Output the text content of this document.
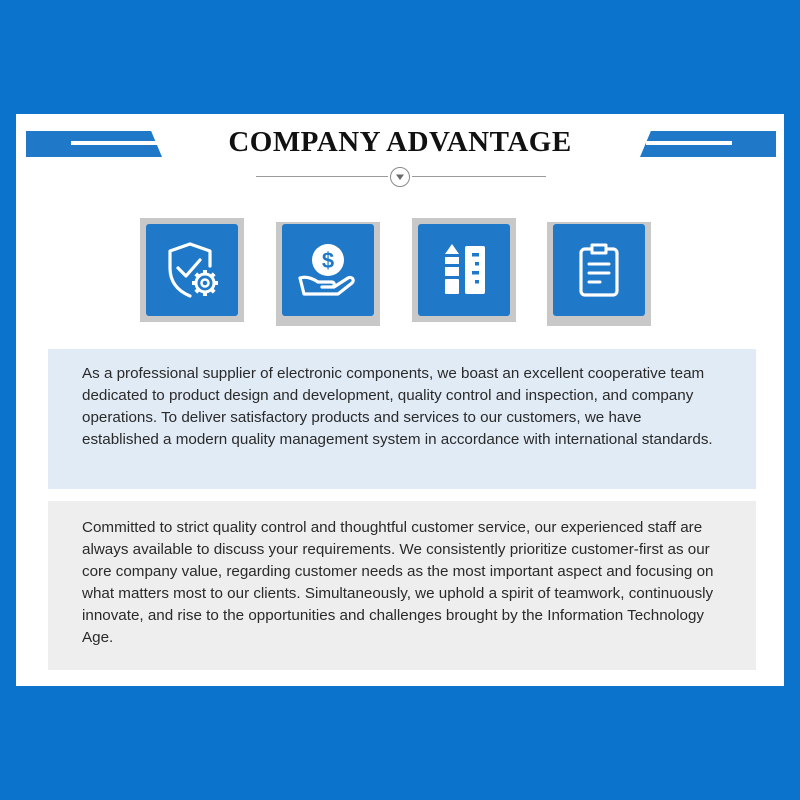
COMPANY ADVANTAGE
$
As a professional supplier of electronic components, we boast an excellent cooperative team dedicated to product design and development, quality control and inspection, and company operations. To deliver satisfactory products and services to our customers, we have established a modern quality management system in accordance with international standards.
Committed to strict quality control and thoughtful customer service, our experienced staff are always available to discuss your requirements. We consistently prioritize customer-first as our core company value, regarding customer needs as the most important aspect and focusing on what matters most to our clients. Simultaneously, we uphold a spirit of teamwork, continuously innovate, and rise to the opportunities and challenges brought by the Information Technology Age.
